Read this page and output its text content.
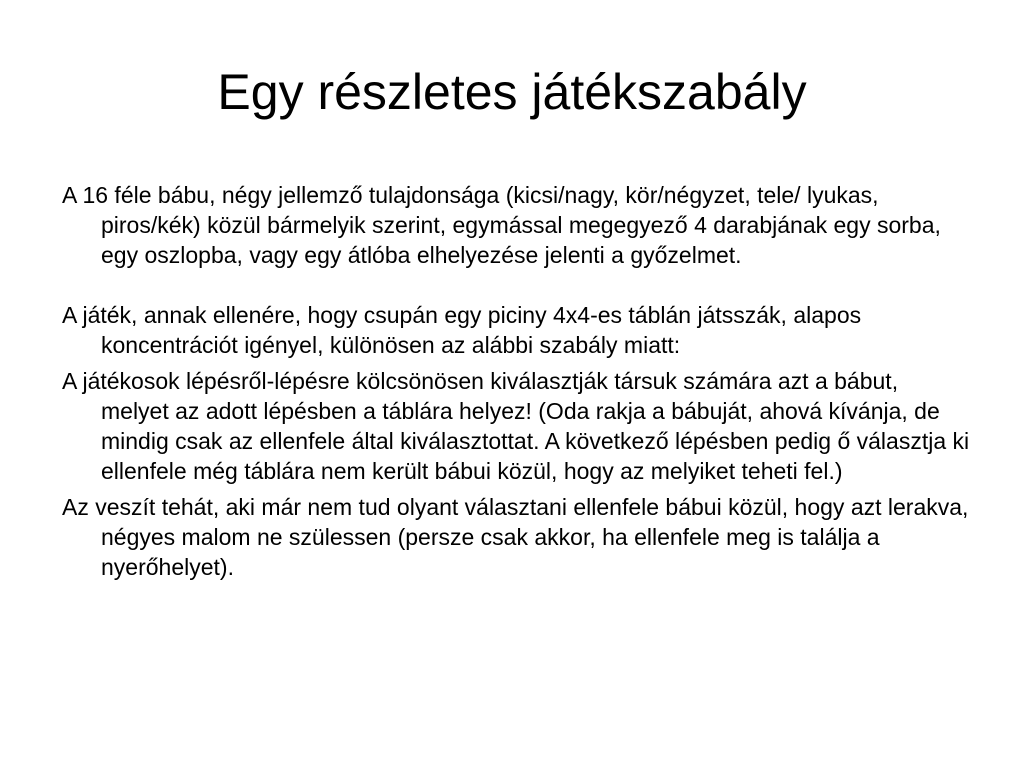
Egy részletes játékszabály

A 16 féle bábu, négy jellemző tulajdonsága (kicsi/nagy, kör/négyzet, tele/ lyukas, piros/kék) közül bármelyik szerint, egymással megegyező 4 darabjának egy sorba, egy oszlopba, vagy egy átlóba elhelyezése jelenti a győzelmet.

A játék, annak ellenére, hogy csupán egy piciny 4x4-es táblán játsszák, alapos koncentrációt igényel, különösen az alábbi szabály miatt:

A játékosok lépésről-lépésre kölcsönösen kiválasztják társuk számára azt a bábut, melyet az adott lépésben a táblára helyez! (Oda rakja a bábuját, ahová kívánja, de mindig csak az ellenfele által kiválasztottat. A következő lépésben pedig ő választja ki ellenfele még táblára nem került bábui közül, hogy az melyiket teheti fel.)

Az veszít tehát, aki már nem tud olyant választani ellenfele bábui közül, hogy azt lerakva, négyes malom ne szülessen (persze csak akkor, ha ellenfele meg is találja a nyerőhelyet).
